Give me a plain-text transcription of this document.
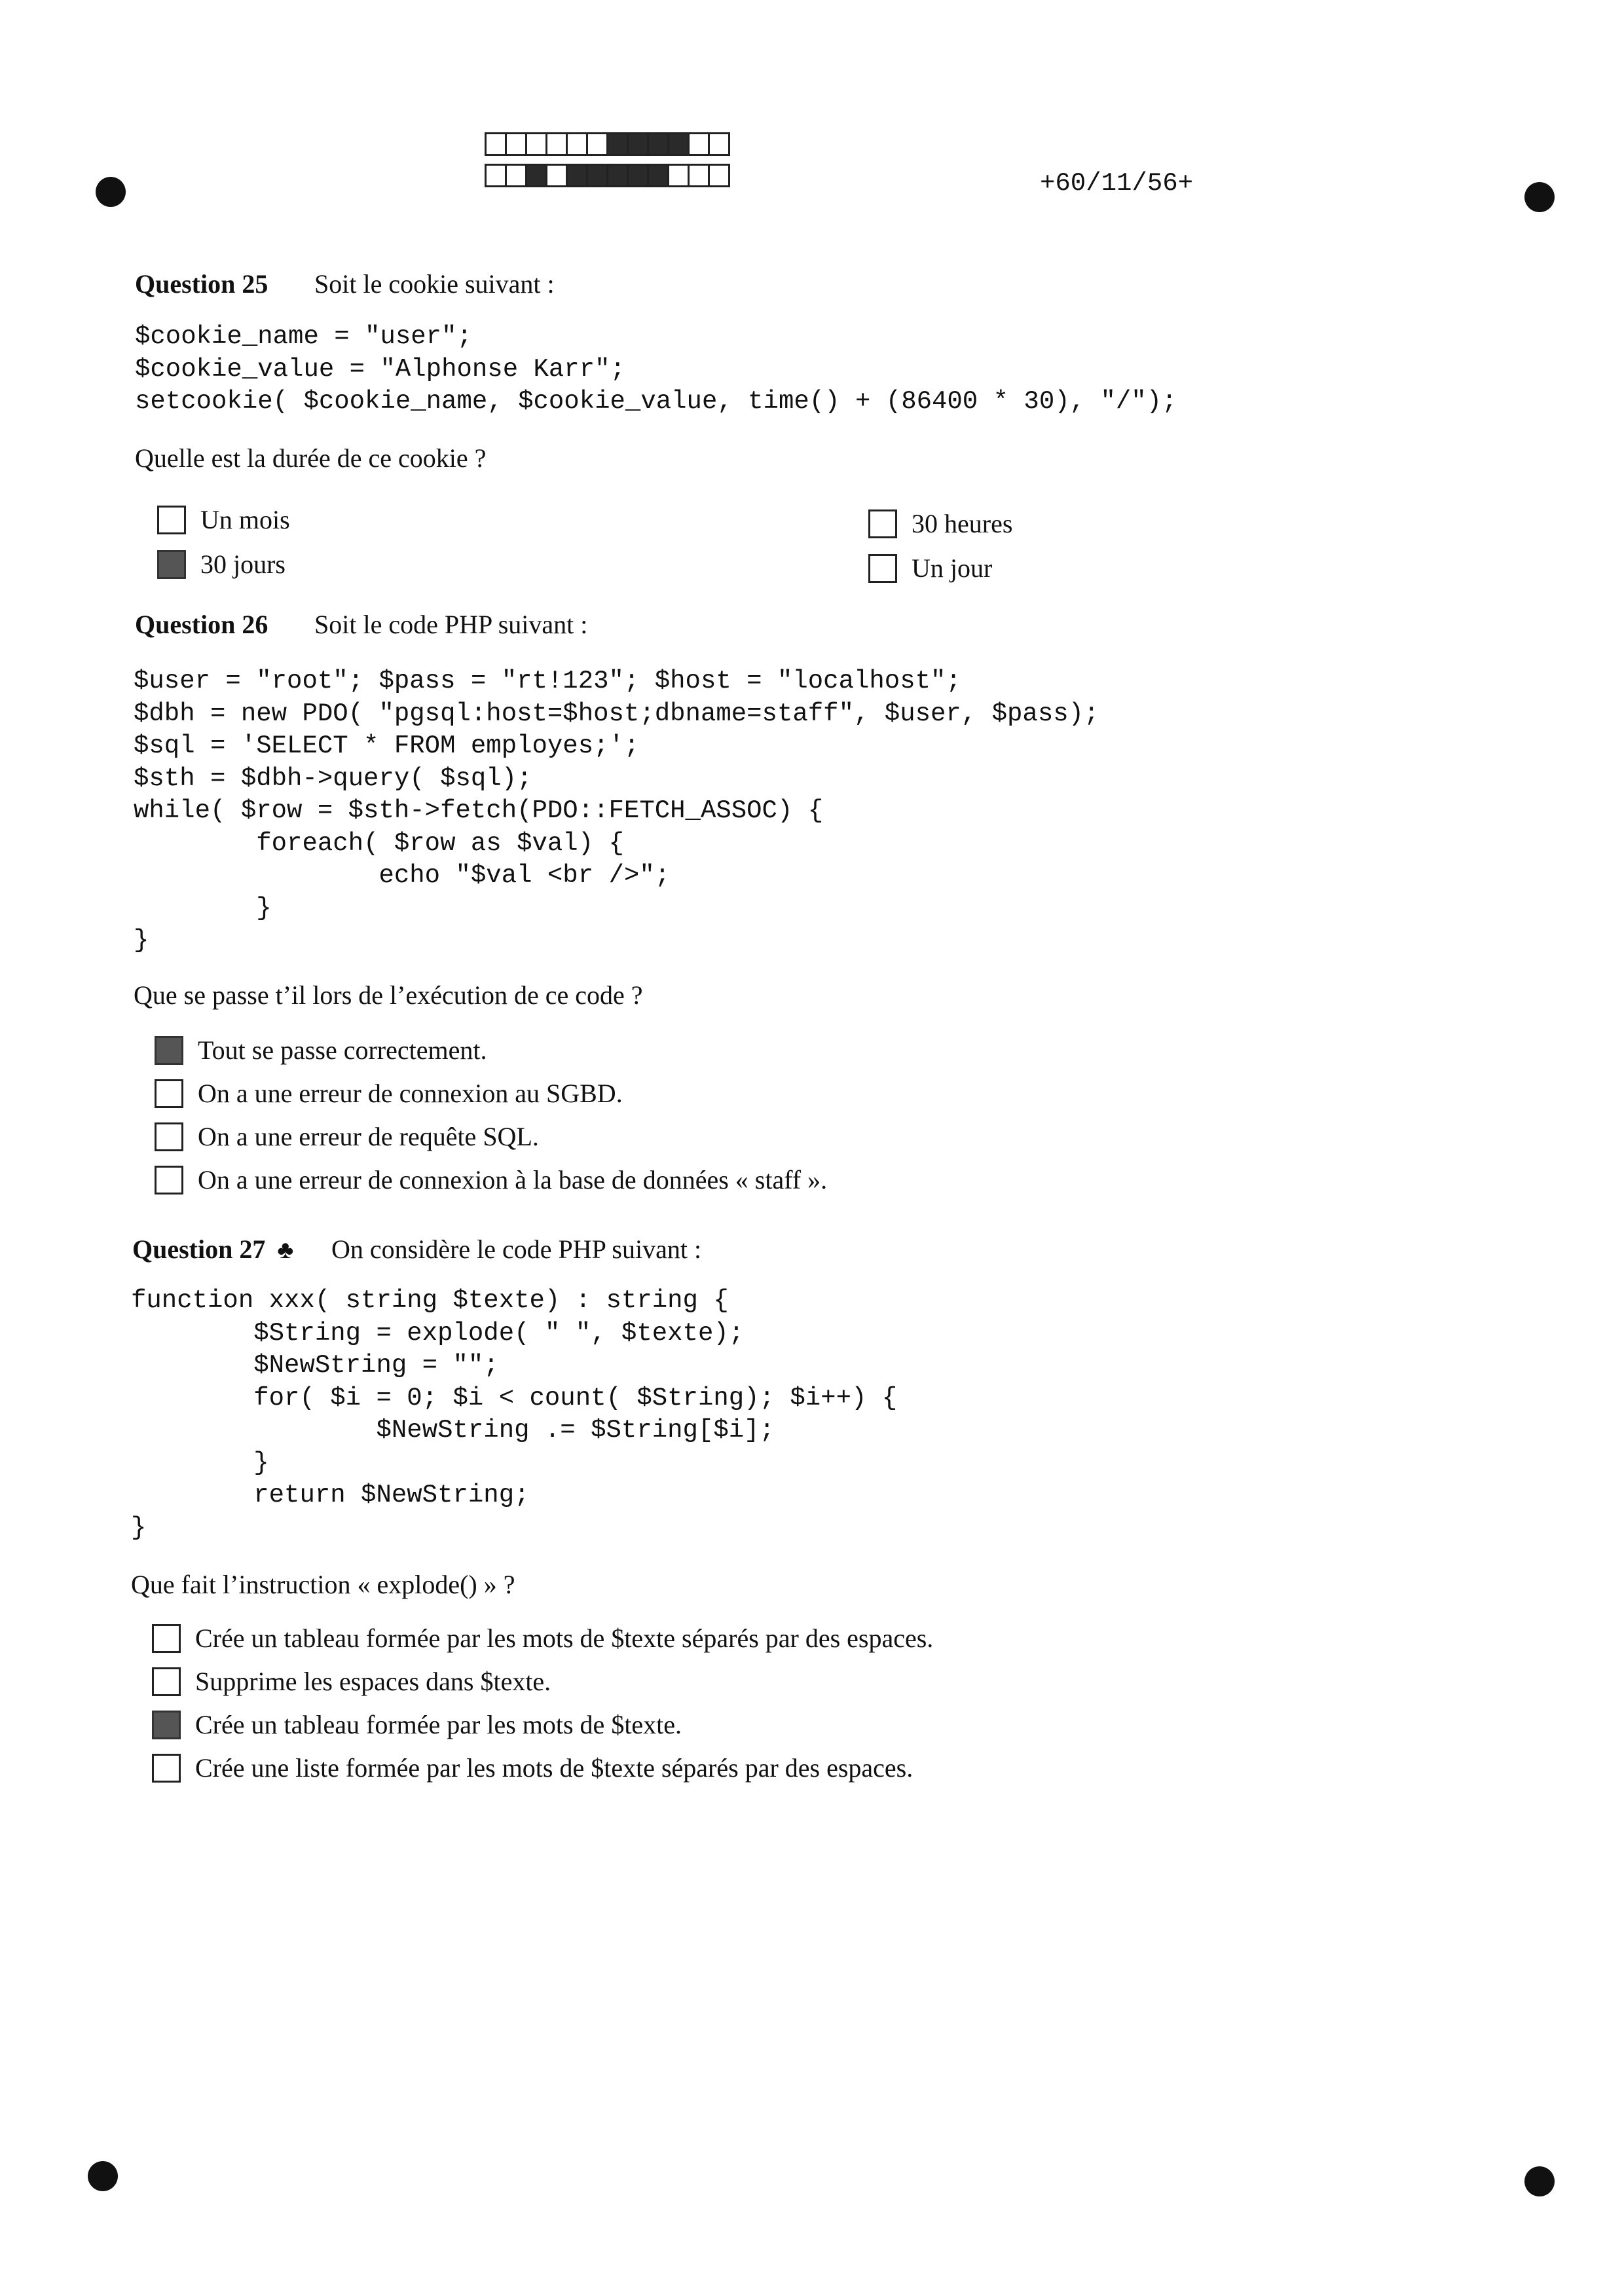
+60/11/56+
Question 25 Soit le cookie suivant :
$cookie_name = "user";
$cookie_value = "Alphonse Karr";
setcookie( $cookie_name, $cookie_value, time() + (86400 * 30), "/");
Quelle est la durée de ce cookie ?
Un mois
30 jours
30 heures
Un jour
Question 26 Soit le code PHP suivant :
$user = "root"; $pass = "rt!123"; $host = "localhost";
$dbh = new PDO( "pgsql:host=$host;dbname=staff", $user, $pass);
$sql = 'SELECT * FROM employes;';
$sth = $dbh->query( $sql);
while( $row = $sth->fetch(PDO::FETCH_ASSOC) {
foreach( $row as $val) {
echo "$val <br />";
}
}
Que se passe t’il lors de l’exécution de ce code ?
Tout se passe correctement.
On a une erreur de connexion au SGBD.
On a une erreur de requête SQL.
On a une erreur de connexion à la base de données « staff ».
Question 27 ♣ On considère le code PHP suivant :
function xxx( string $texte) : string {
$String = explode( " ", $texte);
$NewString = "";
for( $i = 0; $i < count( $String); $i++) {
$NewString .= $String[$i];
}
return $NewString;
}
Que fait l’instruction « explode() » ?
Crée un tableau formée par les mots de $texte séparés par des espaces.
Supprime les espaces dans $texte.
Crée un tableau formée par les mots de $texte.
Crée une liste formée par les mots de $texte séparés par des espaces.
